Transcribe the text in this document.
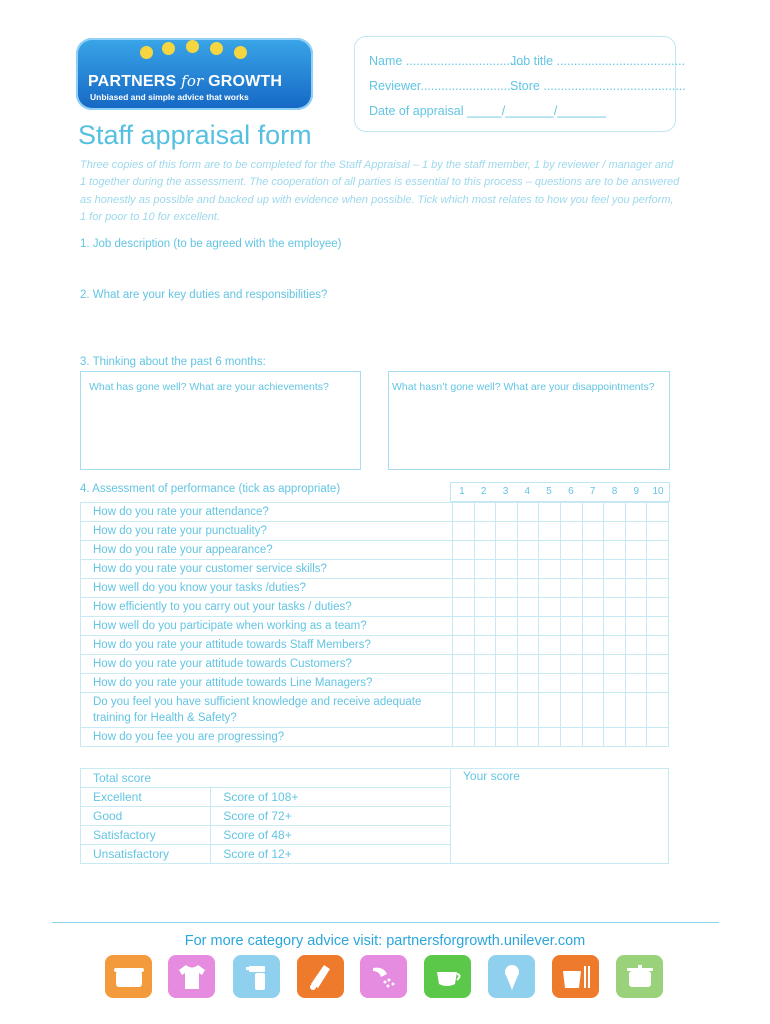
PARTNERS for GROWTH
Unbiased and simple advice that works
Name ..................................
Job title .....................................
Reviewer...........................
Store .........................................
Date of appraisal _____/_______/_______
Staff appraisal form
Three copies of this form are to be completed for the Staff Appraisal – 1 by the staff member, 1 by reviewer / manager and 1 together during the assessment. The cooperation of all parties is essential to this process – questions are to be answered as honestly as possible and backed up with evidence when possible. Tick which most relates to how you feel you perform, 1 for poor to 10 for excellent.
1. Job description (to be agreed with the employee)
2. What are your key duties and responsibilities?
3. Thinking about the past 6 months:
What has gone well? What are your achievements?	What hasn’t gone well? What are your disappointments?
4. Assessment of performance (tick as appropriate)	1	2	3	4	5	6	7	8	9	10
How do you rate your attendance?										
How do you rate your punctuality?										
How do you rate your appearance?										
How do you rate your customer service skills?										
How well do you know your tasks /duties?										
How efficiently to you carry out your tasks / duties?										
How well do you participate when working as a team?										
How do you rate your attitude towards Staff Members?										
How do you rate your attitude towards Customers?										
How do you rate your attitude towards Line Managers?										
Do you feel you have sufficient knowledge and receive adequate training for Health & Safety?										
How do you fee you are progressing?										
Total score		Your score
Excellent	Score of 108+	
Good	Score of 72+	
Satisfactory	Score of 48+	
Unsatisfactory	Score of 12+	
For more category advice visit: partnersforgrowth.unilever.com
